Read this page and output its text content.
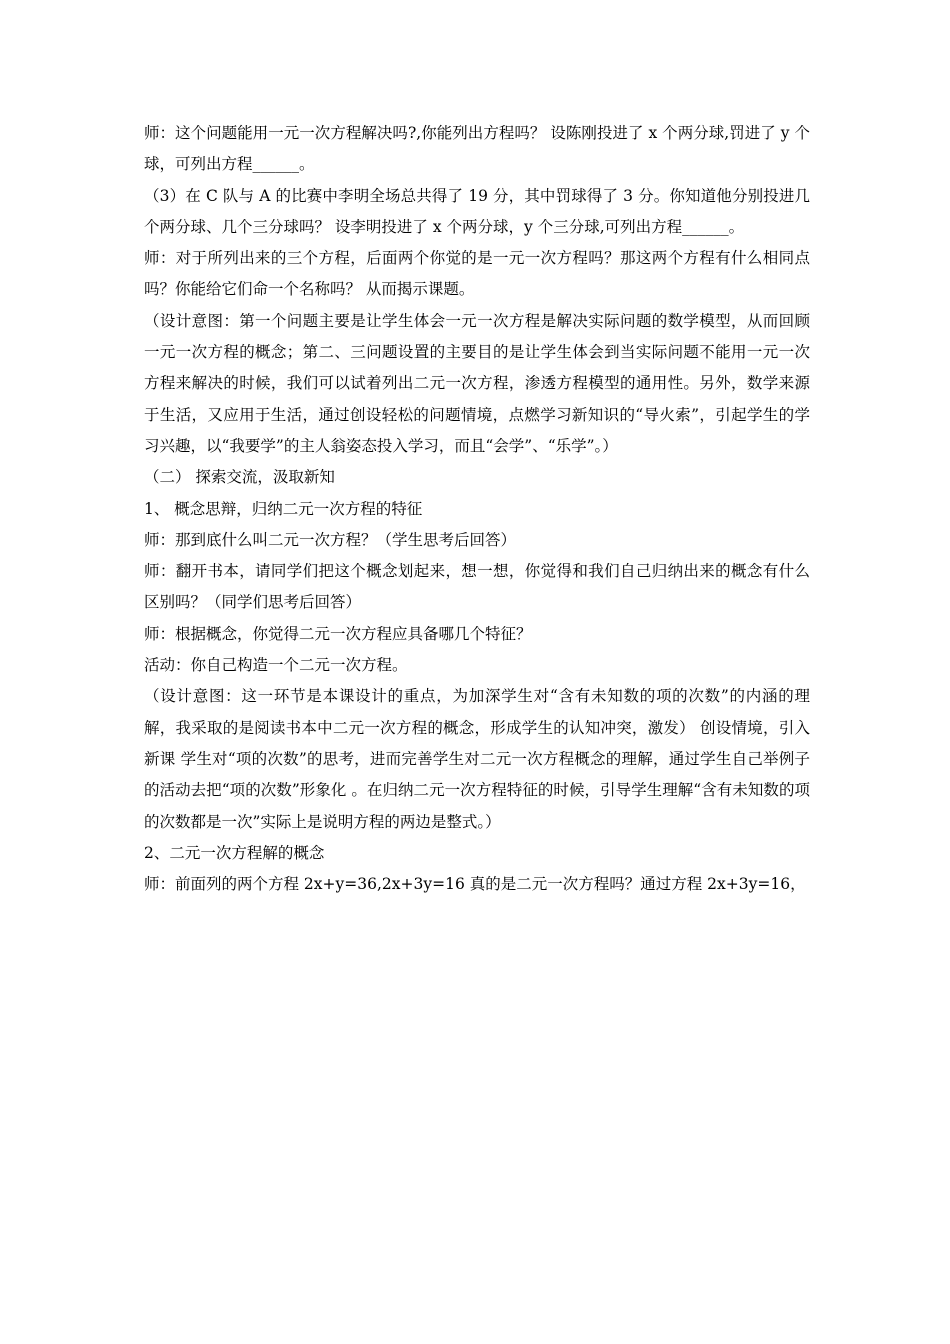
师：这个问题能用一元一次方程解决吗?,你能列出方程吗？ 设陈刚投进了 x 个两分球,罚进了 y 个球，可列出方程______。

（3）在 C 队与 A 的比赛中李明全场总共得了 19 分，其中罚球得了 3 分。你知道他分别投进几个两分球、几个三分球吗？ 设李明投进了 x 个两分球，y 个三分球,可列出方程______。

师：对于所列出来的三个方程，后面两个你觉的是一元一次方程吗？那这两个方程有什么相同点吗？你能给它们命一个名称吗？ 从而揭示课题。

（设计意图：第一个问题主要是让学生体会一元一次方程是解决实际问题的数学模型，从而回顾一元一次方程的概念；第二、三问题设置的主要目的是让学生体会到当实际问题不能用一元一次方程来解决的时候，我们可以试着列出二元一次方程，渗透方程模型的通用性。另外，数学来源于生活，又应用于生活，通过创设轻松的问题情境，点燃学习新知识的“导火索”，引起学生的学习兴趣，以“我要学”的主人翁姿态投入学习，而且“会学”、“乐学”。）

（二） 探索交流，汲取新知

1、 概念思辩，归纳二元一次方程的特征

师：那到底什么叫二元一次方程？（学生思考后回答）

师：翻开书本，请同学们把这个概念划起来，想一想，你觉得和我们自己归纳出来的概念有什么区别吗？（同学们思考后回答）

师：根据概念，你觉得二元一次方程应具备哪几个特征？

活动：你自己构造一个二元一次方程。

（设计意图：这一环节是本课设计的重点，为加深学生对“含有未知数的项的次数”的内涵的理解，我采取的是阅读书本中二元一次方程的概念，形成学生的认知冲突，激发） 创设情境，引入新课 学生对“项的次数”的思考，进而完善学生对二元一次方程概念的理解，通过学生自己举例子的活动去把“项的次数”形象化 。在归纳二元一次方程特征的时候，引导学生理解“含有未知数的项的次数都是一次”实际上是说明方程的两边是整式。）

2、二元一次方程解的概念

师：前面列的两个方程 2x+y=36,2x+3y=16 真的是二元一次方程吗？通过方程 2x+3y=16，
